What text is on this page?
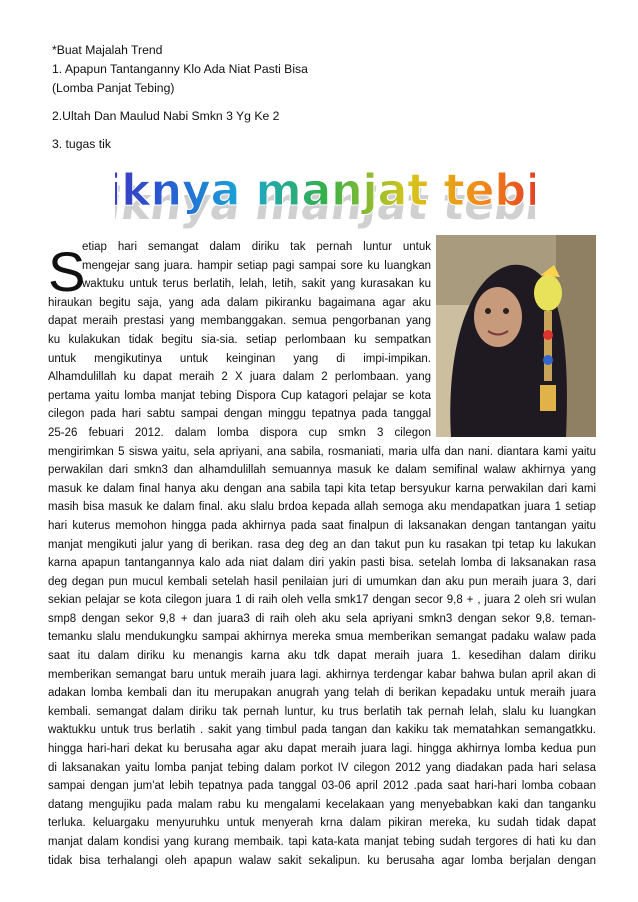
*Buat Majalah Trend
1. Apapun Tantanganny Klo Ada Niat Pasti Bisa
(Lomba Panjat Tebing)
2.Ultah Dan Maulud Nabi Smkn 3 Yg Ke 2
3. tugas tik
Asiknya manjat tebing
knya manjat tebi
S
etiap hari semangat dalam diriku tak pernah luntur untuk
mengejar sang juara. hampir setiap pagi sampai sore ku luangkan
waktuku untuk terus berlatih, lelah, letih, sakit yang kurasakan ku
hiraukan begitu saja, yang ada dalam pikiranku bagaimana agar aku
dapat meraih prestasi yang membanggakan. semua pengorbanan yang
ku kulakukan tidak begitu sia-sia. setiap perlombaan ku sempatkan
untuk mengikutinya untuk keinginan yang di impi-impikan.
Alhamdulillah ku dapat meraih 2 X juara dalam 2 perlombaan. yang
pertama yaitu lomba manjat tebing Dispora Cup katagori pelajar se kota
cilegon pada hari sabtu sampai dengan minggu tepatnya pada tanggal
25-26 febuari 2012. dalam lomba dispora cup smkn 3 cilegon
mengirimkan 5 siswa yaitu, sela apriyani, ana sabila, rosmaniati, maria ulfa dan nani. diantara kami yaitu
perwakilan dari smkn3 dan alhamdulillah semuannya masuk ke dalam semifinal walaw akhirnya yang
masuk ke dalam final hanya aku dengan ana sabila tapi kita tetap bersyukur karna perwakilan dari kami
masih bisa masuk ke dalam final. aku slalu brdoa kepada allah semoga aku mendapatkan juara 1 setiap
hari kuterus memohon hingga pada akhirnya pada saat finalpun di laksanakan dengan tantangan yaitu
manjat mengikuti jalur yang di berikan. rasa deg deg an dan takut pun ku rasakan tpi tetap ku lakukan
karna apapun tantangannya kalo ada niat dalam diri yakin pasti bisa. setelah lomba di laksanakan rasa
deg degan pun mucul kembali setelah hasil penilaian juri di umumkan dan aku pun meraih juara 3, dari
sekian pelajar se kota cilegon juara 1 di raih oleh vella smk17 dengan secor 9,8 + , juara 2 oleh sri wulan
smp8 dengan sekor 9,8 + dan juara3 di raih oleh aku sela apriyani smkn3 dengan sekor 9,8. teman-
temanku slalu mendukungku sampai akhirnya mereka smua memberikan semangat padaku walaw pada
saat itu dalam diriku ku menangis karna aku tdk dapat meraih juara 1. kesedihan dalam diriku
memberikan semangat baru untuk meraih juara lagi. akhirnya terdengar kabar bahwa bulan april akan di
adakan lomba kembali dan itu merupakan anugrah yang telah di berikan kepadaku untuk meraih juara
kembali. semangat dalam diriku tak pernah luntur, ku trus berlatih tak pernah lelah, slalu ku luangkan
waktukku untuk trus berlatih . sakit yang timbul pada tangan dan kakiku tak mematahkan semangatkku.
hingga hari-hari dekat ku berusaha agar aku dapat meraih juara lagi. hingga akhirnya lomba kedua pun
di laksanakan yaitu lomba panjat tebing dalam porkot IV cilegon 2012 yang diadakan pada hari selasa
sampai dengan jum'at lebih tepatnya pada tanggal 03-06 april 2012 .pada saat hari-hari lomba cobaan
datang mengujiku pada malam rabu ku mengalami kecelakaan yang menyebabkan kaki dan tanganku
terluka. keluargaku menyuruhku untuk menyerah krna dalam pikiran mereka, ku sudah tidak dapat
manjat dalam kondisi yang kurang membaik. tapi kata-kata manjat tebing sudah tergores di hati ku dan
tidak bisa terhalangi oleh apapun walaw sakit sekalipun. ku berusaha agar lomba berjalan dengan
